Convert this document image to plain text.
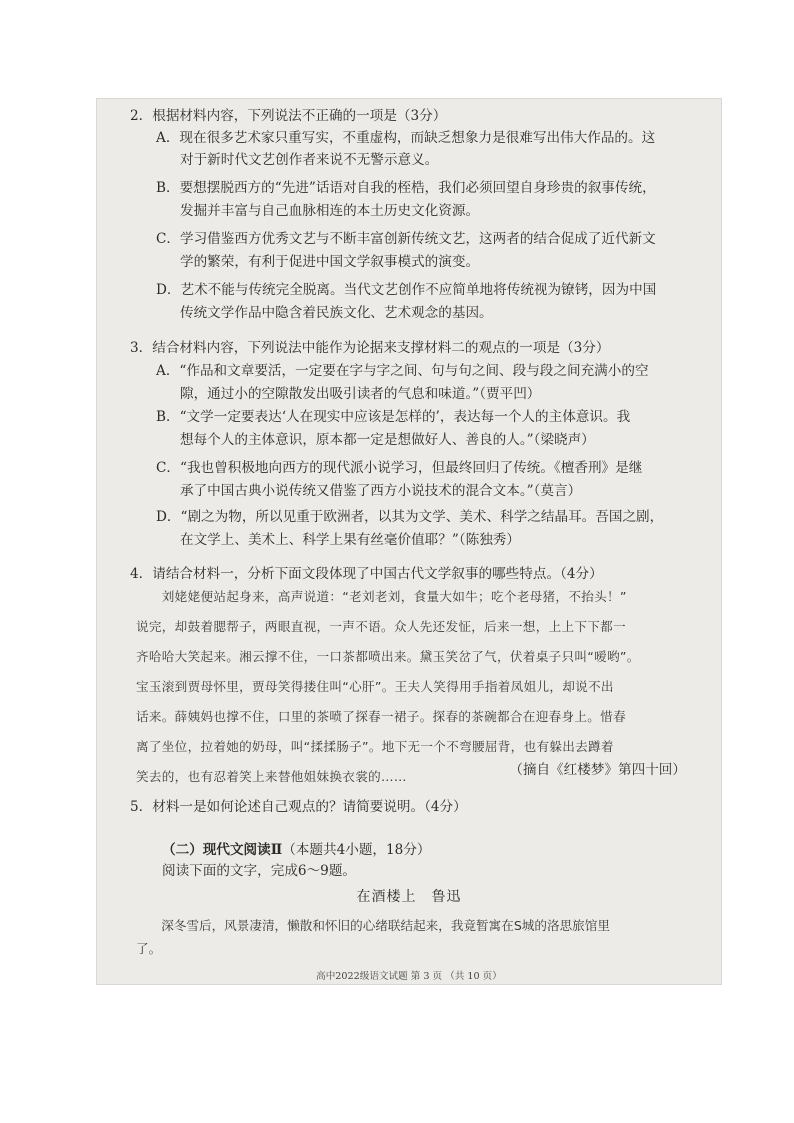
2．根据材料内容，下列说法不正确的一项是（3分）
A．现在很多艺术家只重写实，不重虚构，而缺乏想象力是很难写出伟大作品的。这
对于新时代文艺创作者来说不无警示意义。
B．要想摆脱西方的“先进”话语对自我的桎梏，我们必须回望自身珍贵的叙事传统，
发掘并丰富与自己血脉相连的本土历史文化资源。
C．学习借鉴西方优秀文艺与不断丰富创新传统文艺，这两者的结合促成了近代新文
学的繁荣，有利于促进中国文学叙事模式的演变。
D．艺术不能与传统完全脱离。当代文艺创作不应简单地将传统视为镣铐，因为中国
传统文学作品中隐含着民族文化、艺术观念的基因。
3．结合材料内容，下列说法中能作为论据来支撑材料二的观点的一项是（3分）
A．“作品和文章要活，一定要在字与字之间、句与句之间、段与段之间充满小的空
隙，通过小的空隙散发出吸引读者的气息和味道。”（贾平凹）
B．“文学一定要表达‘人在现实中应该是怎样的’，表达每一个人的主体意识。我
想每个人的主体意识，原本都一定是想做好人、善良的人。”（梁晓声）
C．“我也曾积极地向西方的现代派小说学习，但最终回归了传统。《檀香刑》是继
承了中国古典小说传统又借鉴了西方小说技术的混合文本。”（莫言）
D．“剧之为物，所以见重于欧洲者，以其为文学、美术、科学之结晶耳。吾国之剧，
在文学上、美术上、科学上果有丝毫价值耶？”（陈独秀）
4．请结合材料一，分析下面文段体现了中国古代文学叙事的哪些特点。（4分）
　　刘姥姥便站起身来，高声说道：“老刘老刘，食量大如牛；吃个老母猪，不抬头！”
说完，却鼓着腮帮子，两眼直视，一声不语。众人先还发怔，后来一想，上上下下都一
齐哈哈大笑起来。湘云撑不住，一口茶都喷出来。黛玉笑岔了气，伏着桌子只叫“嗳哟”。
宝玉滚到贾母怀里，贾母笑得搂住叫“心肝”。王夫人笑得用手指着凤姐儿，却说不出
话来。薛姨妈也撑不住，口里的茶喷了探春一裙子。探春的茶碗都合在迎春身上。惜春
离了坐位，拉着她的奶母，叫“揉揉肠子”。地下无一个不弯腰屈背，也有躲出去蹲着
笑去的，也有忍着笑上来替他姐妹换衣裳的……	（摘自《红楼梦》第四十回）
5．材料一是如何论述自己观点的？请简要说明。（4分）
（二）现代文阅读Ⅱ（本题共4小题，18分）
阅读下面的文字，完成6～9题。
在酒楼上　鲁迅
　　深冬雪后，风景凄清，懒散和怀旧的心绪联结起来，我竟暂寓在S城的洛思旅馆里
了。
高中2022级语文试题 第 3 页 （共 10 页）
